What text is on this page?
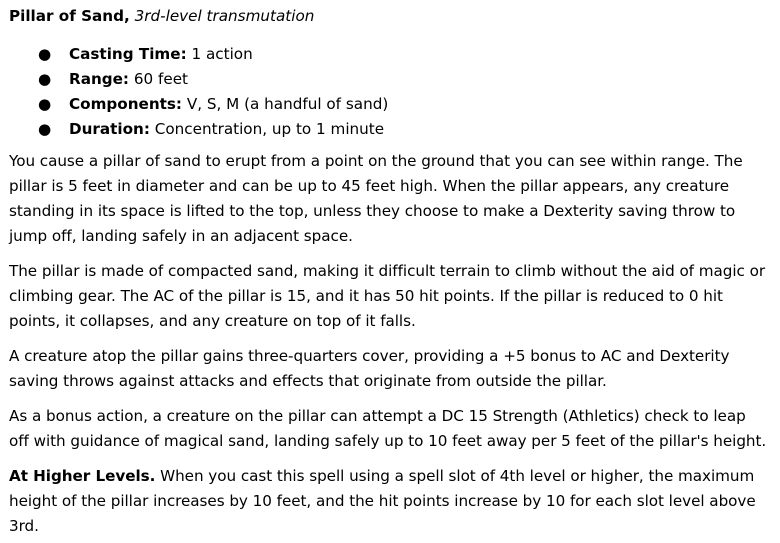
Pillar of Sand, 3rd-level transmutation
● Casting Time: 1 action
● Range: 60 feet
● Components: V, S, M (a handful of sand)
● Duration: Concentration, up to 1 minute

You cause a pillar of sand to erupt from a point on the ground that you can see within range. The pillar is 5 feet in diameter and can be up to 45 feet high. When the pillar appears, any creature standing in its space is lifted to the top, unless they choose to make a Dexterity saving throw to jump off, landing safely in an adjacent space.

The pillar is made of compacted sand, making it difficult terrain to climb without the aid of magic or climbing gear. The AC of the pillar is 15, and it has 50 hit points. If the pillar is reduced to 0 hit points, it collapses, and any creature on top of it falls.

A creature atop the pillar gains three-quarters cover, providing a +5 bonus to AC and Dexterity saving throws against attacks and effects that originate from outside the pillar.

As a bonus action, a creature on the pillar can attempt a DC 15 Strength (Athletics) check to leap off with guidance of magical sand, landing safely up to 10 feet away per 5 feet of the pillar's height.

At Higher Levels. When you cast this spell using a spell slot of 4th level or higher, the maximum height of the pillar increases by 10 feet, and the hit points increase by 10 for each slot level above 3rd.
